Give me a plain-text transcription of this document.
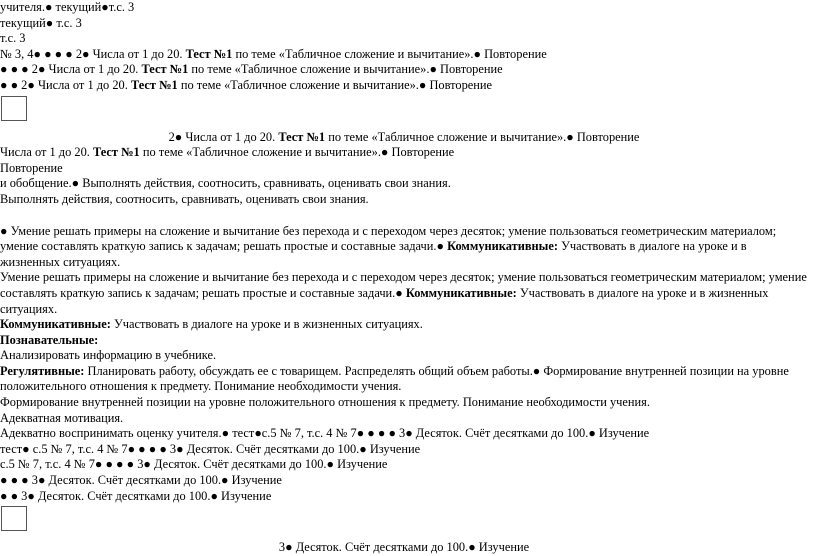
учителя.● текущий●т.с. 3

текущий● т.с. 3

т.с. 3

№ 3, 4● ● ● ● 2● Числа от 1 до 20. Тест №1 по теме «Табличное сложение и вычитание».● Повторение

● ● ● 2● Числа от 1 до 20. Тест №1 по теме «Табличное сложение и вычитание».● Повторение

● ● 2● Числа от 1 до 20. Тест №1 по теме «Табличное сложение и вычитание».● Повторение

2● Числа от 1 до 20. Тест №1 по теме «Табличное сложение и вычитание».● Повторение

Числа от 1 до 20. Тест №1 по теме «Табличное сложение и вычитание».● Повторение

Повторение

и обобщение.● Выполнять действия, соотносить, сравнивать, оценивать свои знания.

Выполнять действия, соотносить, сравнивать, оценивать свои знания.

● Умение решать примеры на сложение и вычитание без перехода и с переходом через десяток; умение пользоваться геометрическим материалом; умение составлять краткую запись к задачам; решать простые и составные задачи.● Коммуникативные: Участвовать в диалоге на уроке и в жизненных ситуациях.

Умение решать примеры на сложение и вычитание без перехода и с переходом через десяток; умение пользоваться геометрическим материалом; умение составлять краткую запись к задачам; решать простые и составные задачи.● Коммуникативные: Участвовать в диалоге на уроке и в жизненных ситуациях.

Коммуникативные: Участвовать в диалоге на уроке и в жизненных ситуациях.

Познавательные:

Анализировать информацию в учебнике.

Регулятивные: Планировать работу, обсуждать ее с товарищем. Распределять общий объем работы.● Формирование внутренней позиции на уровне положительного отношения к предмету. Понимание необходимости учения.

Формирование внутренней позиции на уровне положительного отношения к предмету. Понимание необходимости учения.

Адекватная мотивация.

Адекватно воспринимать оценку учителя.● тест●с.5 № 7, т.с. 4 № 7● ● ● ● 3● Десяток. Счёт десятками до 100.● Изучение

тест● с.5 № 7, т.с. 4 № 7● ● ● ● 3● Десяток. Счёт десятками до 100.● Изучение

с.5 № 7, т.с. 4 № 7● ● ● ● 3● Десяток. Счёт десятками до 100.● Изучение

● ● ● 3● Десяток. Счёт десятками до 100.● Изучение

● ● 3● Десяток. Счёт десятками до 100.● Изучение

3● Десяток. Счёт десятками до 100.● Изучение
